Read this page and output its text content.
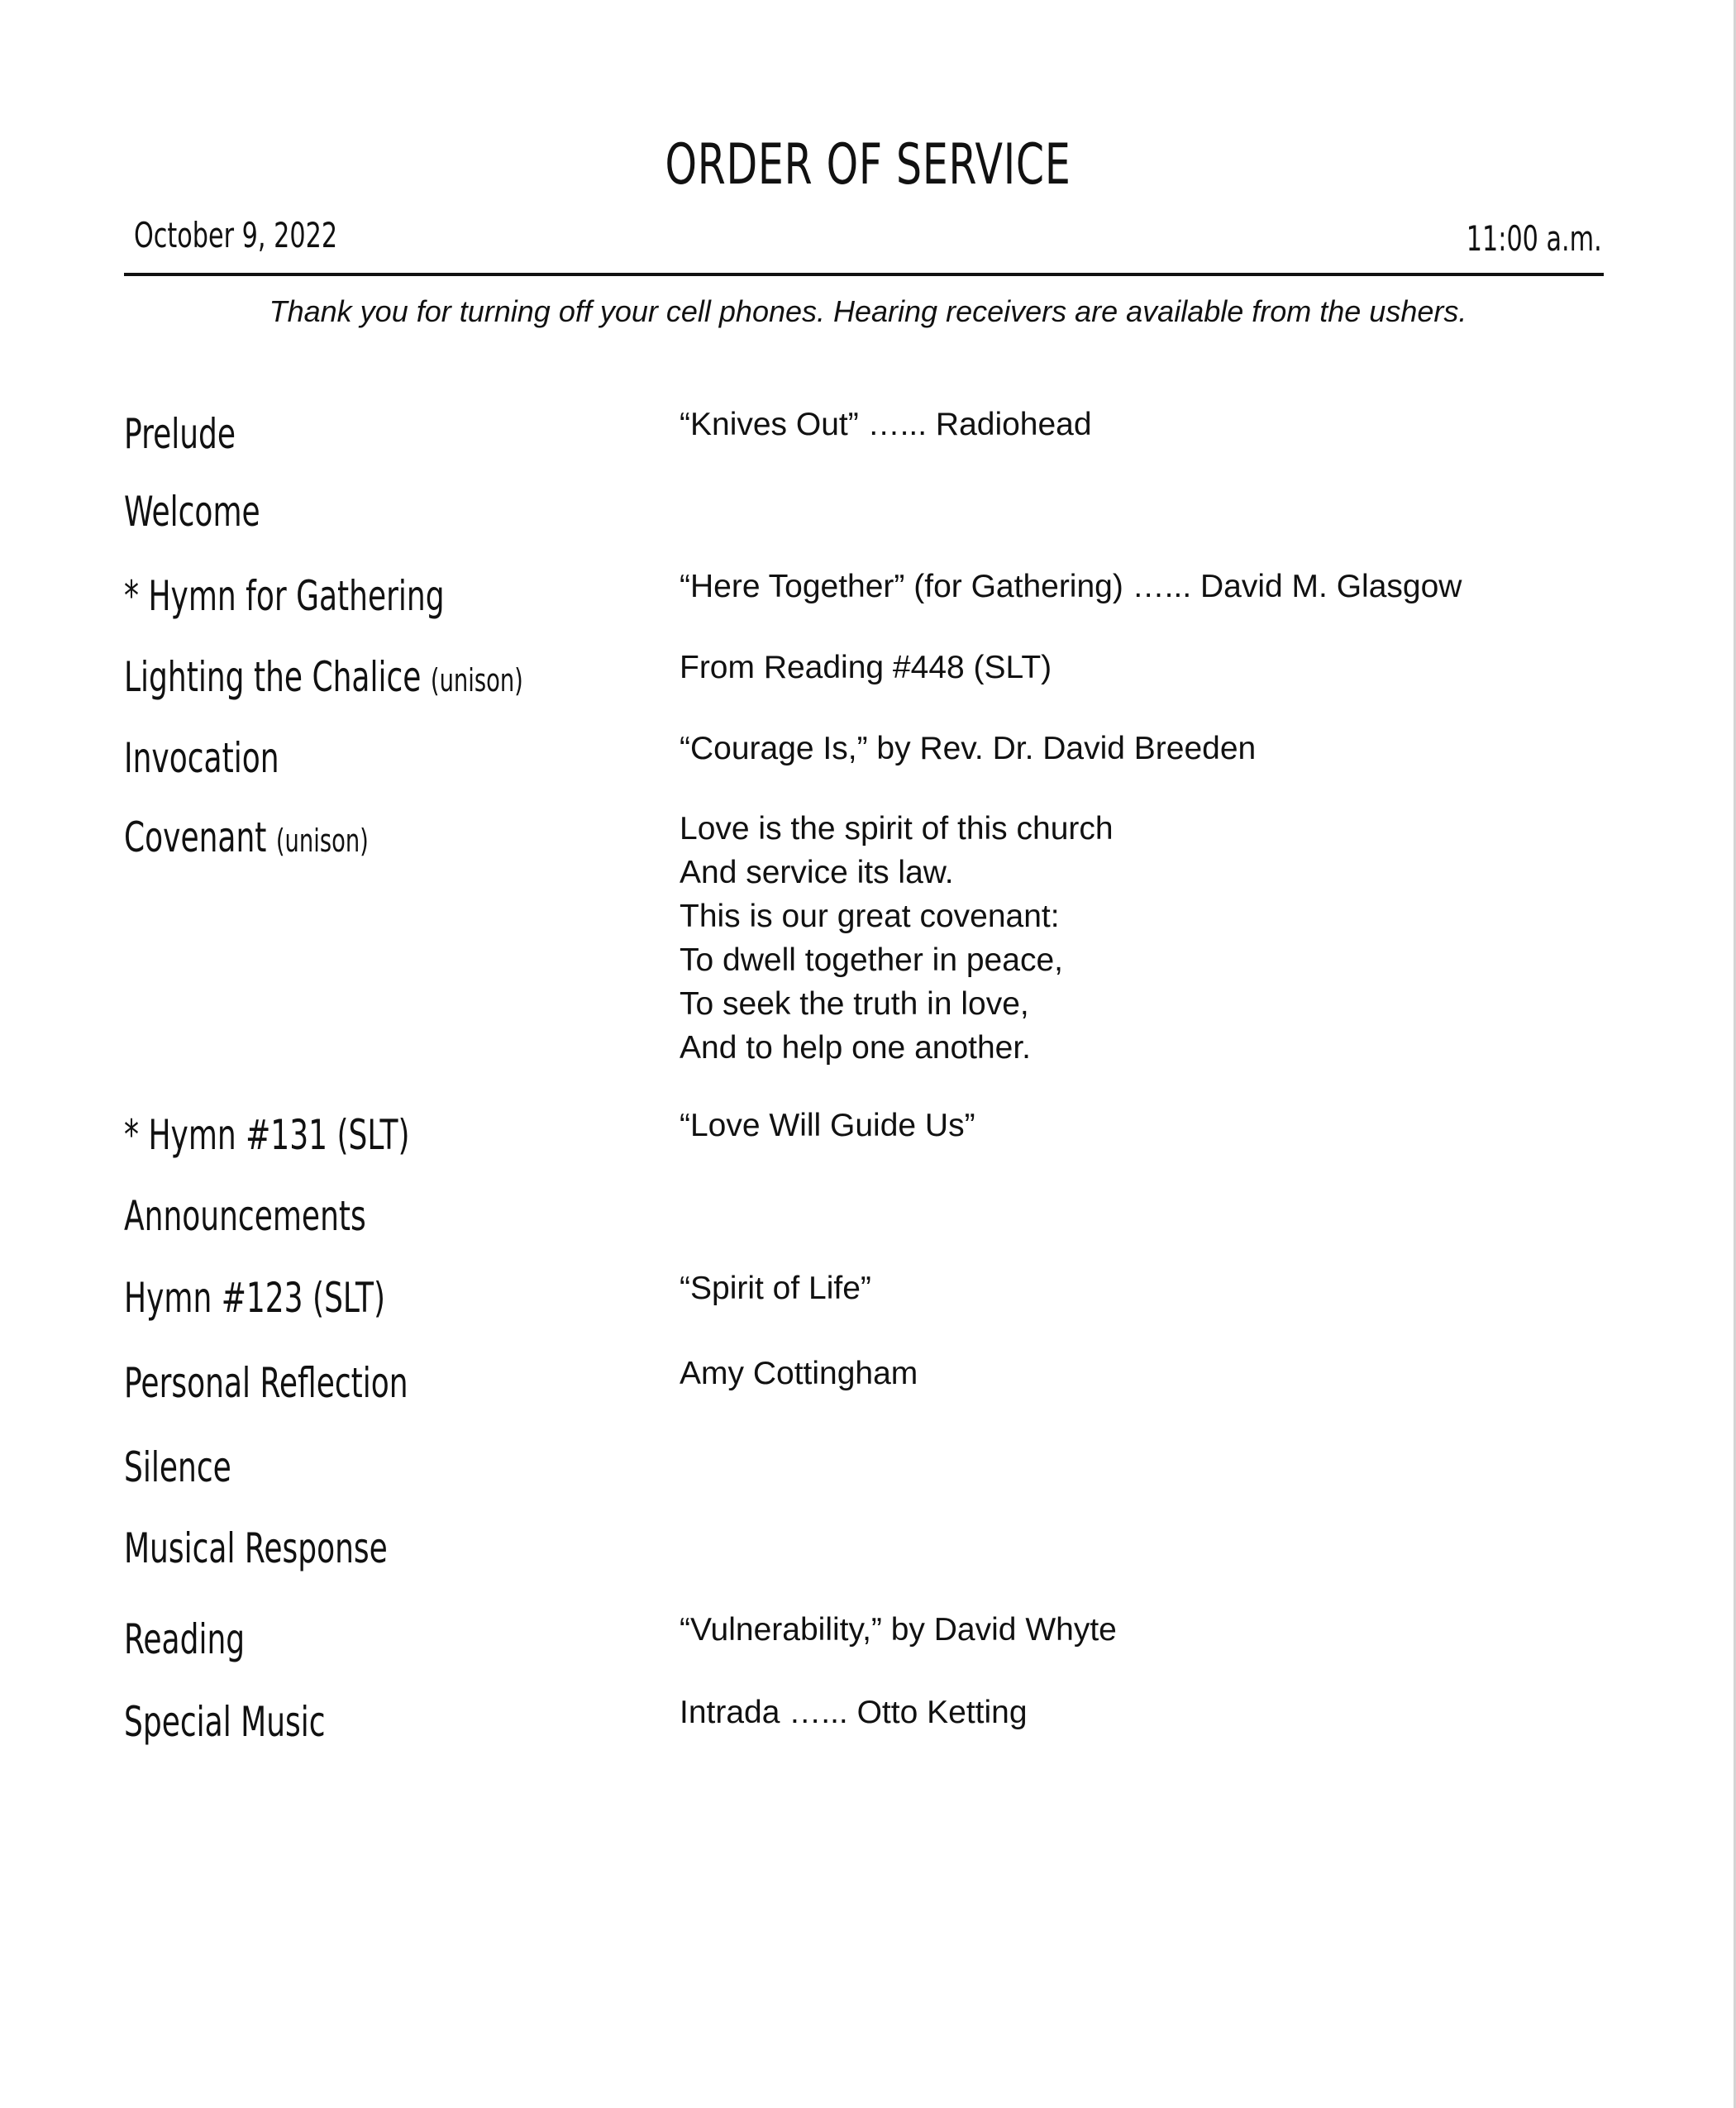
ORDER OF SERVICE
October 9, 2022	11:00 a.m.
Thank you for turning off your cell phones. Hearing receivers are available from the ushers.
Prelude	“Knives Out” …... Radiohead
Welcome
* Hymn for Gathering	“Here Together” (for Gathering) …... David M. Glasgow
Lighting the Chalice (unison)	From Reading #448 (SLT)
Invocation	“Courage Is,” by Rev. Dr. David Breeden
Covenant (unison)	Love is the spirit of this church
And service its law.
This is our great covenant:
To dwell together in peace,
To seek the truth in love,
And to help one another.
* Hymn #131 (SLT)	“Love Will Guide Us”
Announcements
Hymn #123 (SLT)	“Spirit of Life”
Personal Reflection	Amy Cottingham
Silence
Musical Response
Reading	“Vulnerability,” by David Whyte
Special Music	Intrada …... Otto Ketting
